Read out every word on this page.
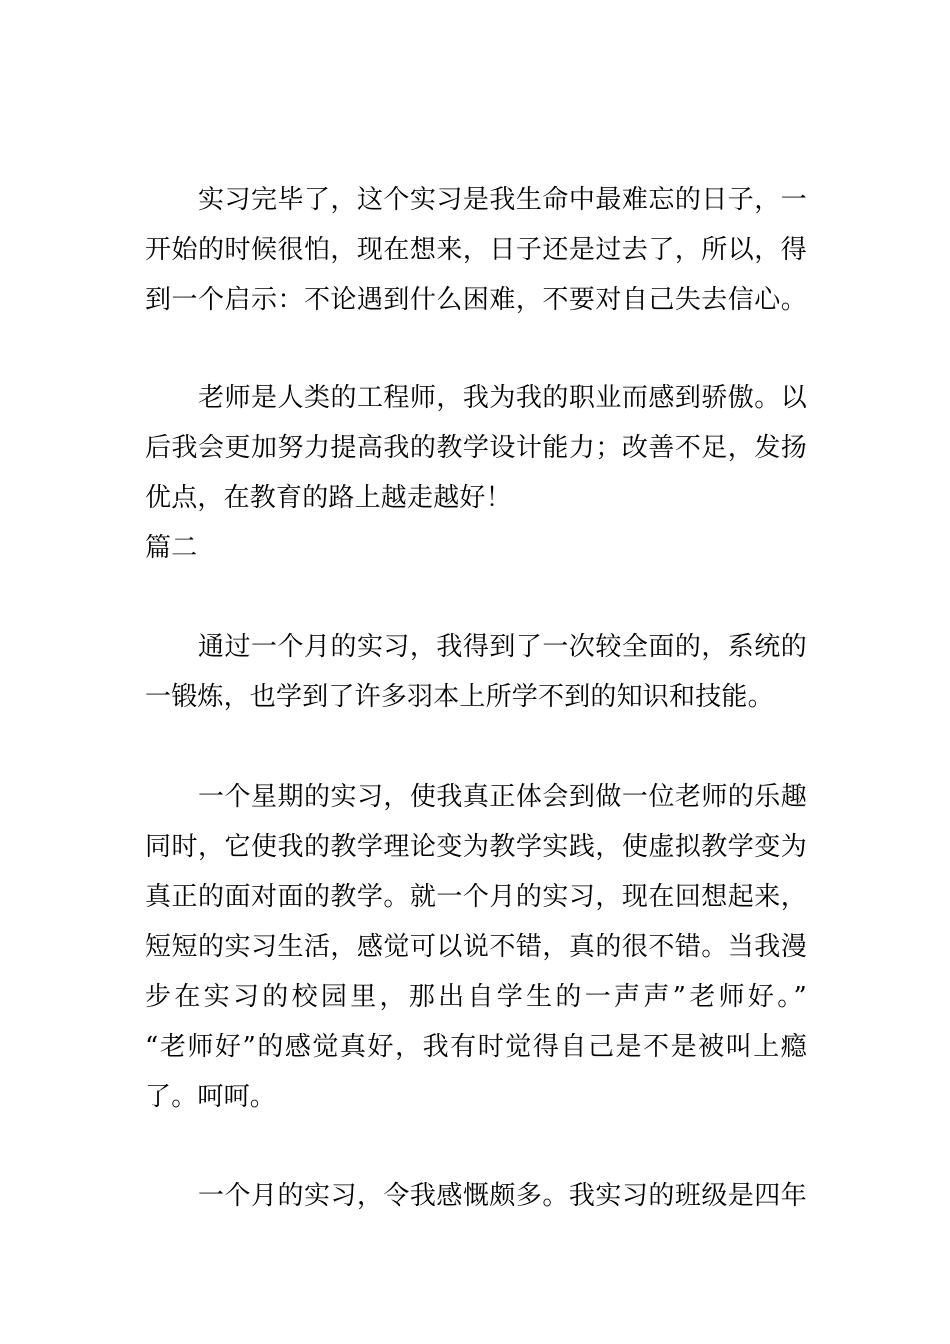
实习完毕了，这个实习是我生命中最难忘的日子，一
开始的时候很怕，现在想来，日子还是过去了，所以，得
到一个启示：不论遇到什么困难，不要对自己失去信心。
老师是人类的工程师，我为我的职业而感到骄傲。以
后我会更加努力提高我的教学设计能力；改善不足，发扬
优点，在教育的路上越走越好！
篇二
通过一个月的实习，我得到了一次较全面的，系统的
一锻炼，也学到了许多羽本上所学不到的知识和技能。
一个星期的实习，使我真正体会到做一位老师的乐趣
同时，它使我的教学理论变为教学实践，使虚拟教学变为
真正的面对面的教学。就一个月的实习，现在回想起来，
短短的实习生活，感觉可以说不错，真的很不错。当我漫
步在实习的校园里，那出自学生的一声声”老师好。”
“老师好”的感觉真好，我有时觉得自己是不是被叫上瘾
了。呵呵。
一个月的实习，令我感慨颇多。我实习的班级是四年
